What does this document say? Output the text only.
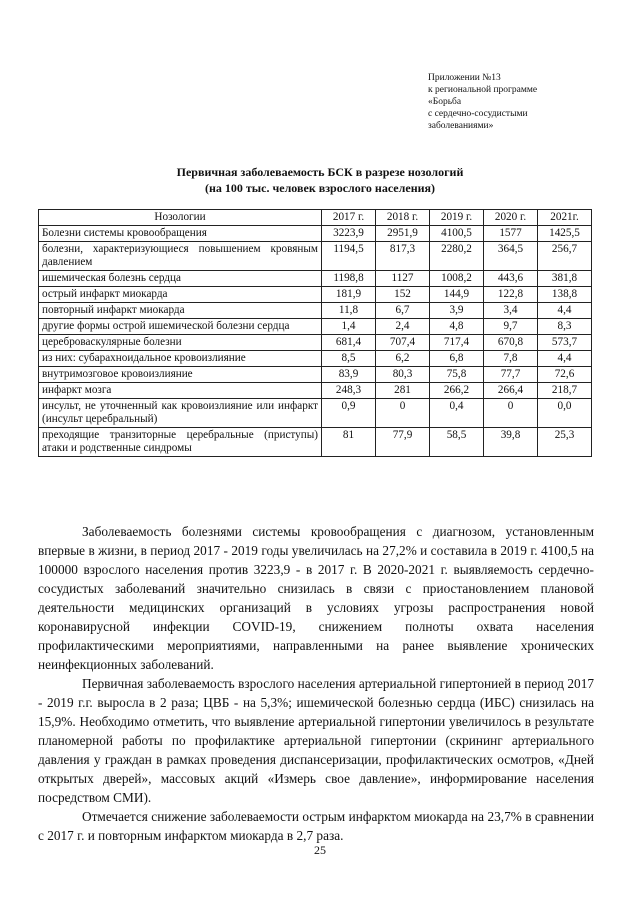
Приложении №13
к региональной программе
«Борьба
с сердечно-сосудистыми
заболеваниями»
Первичная заболеваемость БСК в разрезе нозологий
(на 100 тыс. человек взрослого населения)
Нозологии	2017 г.	2018 г.	2019 г.	2020 г.	2021г.
Болезни системы кровообращения	3223,9	2951,9	4100,5	1577	1425,5
болезни, характеризующиеся повышением кровяным давлением	1194,5	817,3	2280,2	364,5	256,7
ишемическая болезнь сердца	1198,8	1127	1008,2	443,6	381,8
острый инфаркт миокарда	181,9	152	144,9	122,8	138,8
повторный инфаркт миокарда	11,8	6,7	3,9	3,4	4,4
другие формы острой ишемической болезни сердца	1,4	2,4	4,8	9,7	8,3
цереброваскулярные болезни	681,4	707,4	717,4	670,8	573,7
из них: субарахноидальное кровоизлияние	8,5	6,2	6,8	7,8	4,4
внутримозговое кровоизлияние	83,9	80,3	75,8	77,7	72,6
инфаркт мозга	248,3	281	266,2	266,4	218,7
инсульт, не уточненный как кровоизлияние или инфаркт (инсульт церебральный)	0,9	0	0,4	0	0,0
преходящие транзиторные церебральные (приступы) атаки и родственные синдромы	81	77,9	58,5	39,8	25,3

Заболеваемость болезнями системы кровообращения с диагнозом, установленным впервые в жизни, в период 2017 - 2019 годы увеличилась на 27,2% и составила в 2019 г. 4100,5 на 100000 взрослого населения против 3223,9 - в 2017 г. В 2020-2021 г. выявляемость сердечно-сосудистых заболеваний значительно снизилась в связи с приостановлением плановой деятельности медицинских организаций в условиях угрозы распространения новой коронавирусной инфекции COVID-19, снижением полноты охвата населения профилактическими мероприятиями, направленными на ранее выявление хронических неинфекционных заболеваний.

Первичная заболеваемость взрослого населения артериальной гипертонией в период 2017 - 2019 г.г. выросла в 2 раза; ЦВБ - на 5,3%; ишемической болезнью сердца (ИБС) снизилась на 15,9%. Необходимо отметить, что выявление артериальной гипертонии увеличилось в результате планомерной работы по профилактике артериальной гипертонии (скрининг артериального давления у граждан в рамках проведения диспансеризации, профилактических осмотров, «Дней открытых дверей», массовых акций «Измерь свое давление», информирование населения посредством СМИ).

Отмечается снижение заболеваемости острым инфарктом миокарда на 23,7% в сравнении с 2017 г. и повторным инфарктом миокарда в 2,7 раза.

25
